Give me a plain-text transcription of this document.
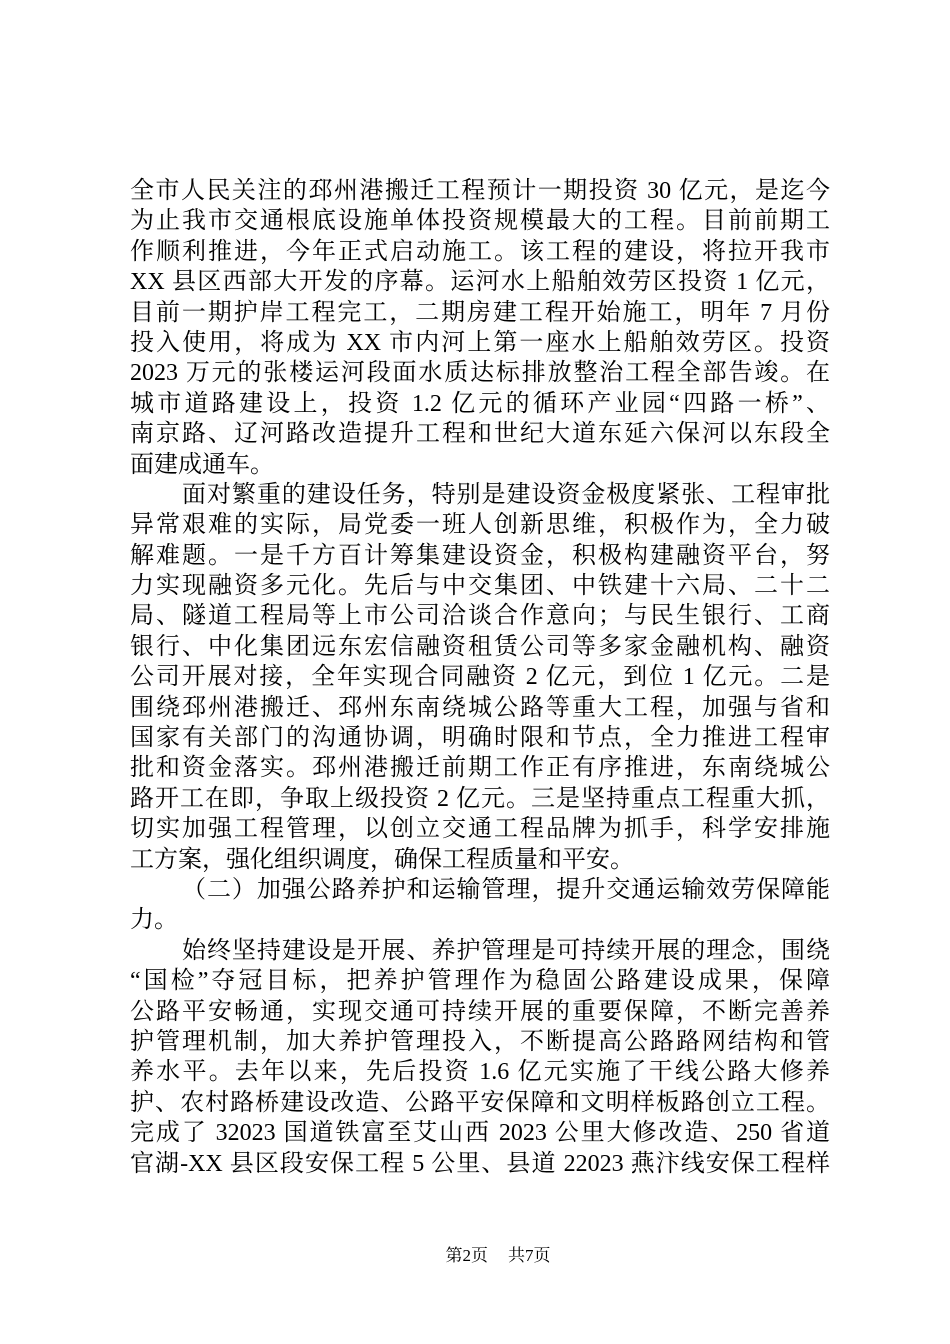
全市人民关注的邳州港搬迁工程预计一期投资 30 亿元，是迄今
为止我市交通根底设施单体投资规模最大的工程。目前前期工
作顺利推进，今年正式启动施工。该工程的建设，将拉开我市
XX 县区西部大开发的序幕。运河水上船舶效劳区投资 1 亿元，
目前一期护岸工程完工，二期房建工程开始施工，明年 7 月份
投入使用，将成为 XX 市内河上第一座水上船舶效劳区。投资
2023 万元的张楼运河段面水质达标排放整治工程全部告竣。在
城市道路建设上，投资 1.2 亿元的循环产业园“四路一桥”、
南京路、辽河路改造提升工程和世纪大道东延六保河以东段全
面建成通车。
面对繁重的建设任务，特别是建设资金极度紧张、工程审批
异常艰难的实际，局党委一班人创新思维，积极作为，全力破
解难题。一是千方百计筹集建设资金，积极构建融资平台，努
力实现融资多元化。先后与中交集团、中铁建十六局、二十二
局、隧道工程局等上市公司洽谈合作意向；与民生银行、工商
银行、中化集团远东宏信融资租赁公司等多家金融机构、融资
公司开展对接，全年实现合同融资 2 亿元，到位 1 亿元。二是
围绕邳州港搬迁、邳州东南绕城公路等重大工程，加强与省和
国家有关部门的沟通协调，明确时限和节点，全力推进工程审
批和资金落实。邳州港搬迁前期工作正有序推进，东南绕城公
路开工在即，争取上级投资 2 亿元。三是坚持重点工程重大抓，
切实加强工程管理，以创立交通工程品牌为抓手，科学安排施
工方案，强化组织调度，确保工程质量和平安。
（二）加强公路养护和运输管理，提升交通运输效劳保障能
力。
始终坚持建设是开展、养护管理是可持续开展的理念，围绕
“国检”夺冠目标，把养护管理作为稳固公路建设成果，保障
公路平安畅通，实现交通可持续开展的重要保障，不断完善养
护管理机制，加大养护管理投入，不断提高公路路网结构和管
养水平。去年以来，先后投资 1.6 亿元实施了干线公路大修养
护、农村路桥建设改造、公路平安保障和文明样板路创立工程。
完成了 32023 国道铁富至艾山西 2023 公里大修改造、250 省道
官湖-XX 县区段安保工程 5 公里、县道 22023 燕汴线安保工程样
第2页 共7页
